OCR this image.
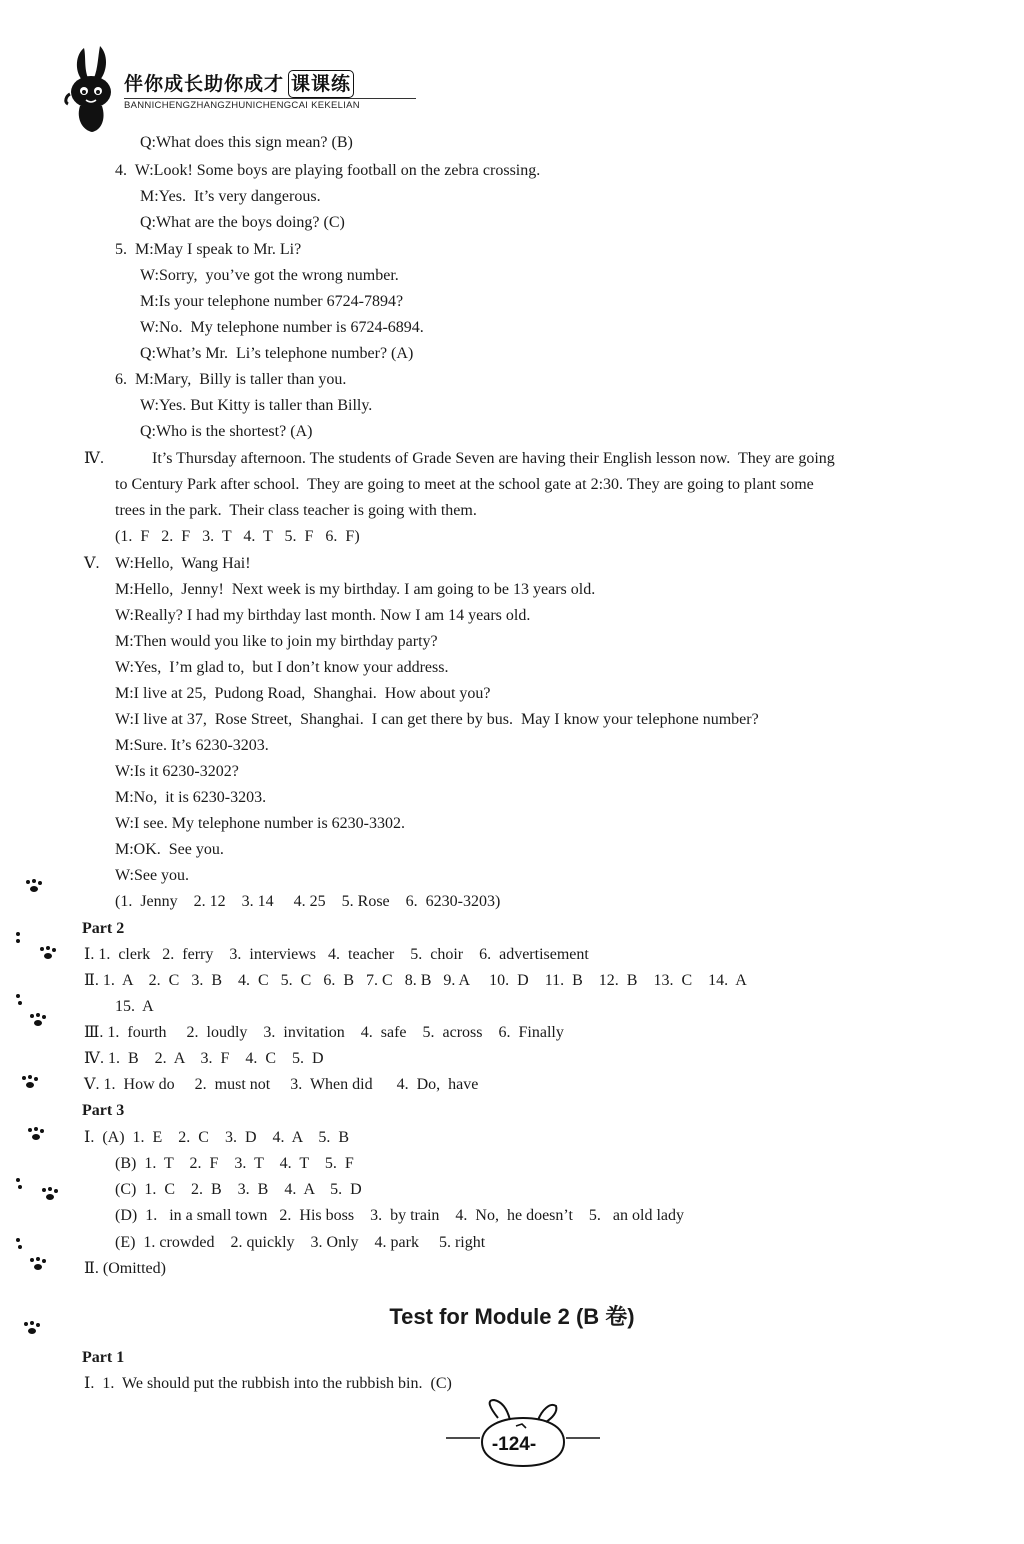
伴你成长助你成才 课课练
BANNICHENGZHANGZHUNICHENGCAI KEKELIAN
Q:What does this sign mean? (B)
4.  W:Look! Some boys are playing football on the zebra crossing.
M:Yes.  It’s very dangerous.
Q:What are the boys doing? (C)
5.  M:May I speak to Mr. Li?
W:Sorry,  you’ve got the wrong number.
M:Is your telephone number 6724-7894?
W:No.  My telephone number is 6724-6894.
Q:What’s Mr.  Li’s telephone number? (A)
6.  M:Mary,  Billy is taller than you.
W:Yes. But Kitty is taller than Billy.
Q:Who is the shortest? (A)
Ⅳ.	It’s Thursday afternoon. The students of Grade Seven are having their English lesson now.  They are going
to Century Park after school.  They are going to meet at the school gate at 2:30. They are going to plant some
trees in the park.  Their class teacher is going with them.
(1.  F   2.  F   3.  T   4.  T   5.  F   6.  F)
Ⅴ. W:Hello,  Wang Hai!
M:Hello,  Jenny!  Next week is my birthday. I am going to be 13 years old.
W:Really? I had my birthday last month. Now I am 14 years old.
M:Then would you like to join my birthday party?
W:Yes,  I’m glad to,  but I don’t know your address.
M:I live at 25,  Pudong Road,  Shanghai.  How about you?
W:I live at 37,  Rose Street,  Shanghai.  I can get there by bus.  May I know your telephone number?
M:Sure. It’s 6230-3203.
W:Is it 6230-3202?
M:No,  it is 6230-3203.
W:I see. My telephone number is 6230-3302.
M:OK.  See you.
W:See you.
(1.  Jenny    2. 12    3. 14     4. 25    5. Rose    6.  6230-3203)
Part 2
Ⅰ. 1.  clerk   2.  ferry    3.  interviews   4.  teacher    5.  choir    6.  advertisement
Ⅱ. 1.  A    2.  C   3.  B    4.  C   5.  C   6.  B   7. C   8. B   9. A     10.  D    11.  B    12.  B    13.  C    14.  A
15.  A
Ⅲ. 1.  fourth     2.  loudly    3.  invitation    4.  safe    5.  across    6.  Finally
Ⅳ. 1.  B    2.  A    3.  F    4.  C    5.  D
Ⅴ. 1.  How do     2.  must not     3.  When did      4.  Do,  have
Part 3
Ⅰ.  (A)  1.  E    2.  C    3.  D    4.  A    5.  B
(B)  1.  T    2.  F    3.  T    4.  T    5.  F
(C)  1.  C    2.  B    3.  B    4.  A    5.  D
(D)  1.   in a small town   2.  His boss    3.  by train    4.  No,  he doesn’t    5.   an old lady
(E)  1. crowded    2. quickly    3. Only    4. park     5. right
Ⅱ. (Omitted)
Test for Module 2 (B 卷)
Part 1
Ⅰ.  1.  We should put the rubbish into the rubbish bin.  (C)
-124-
